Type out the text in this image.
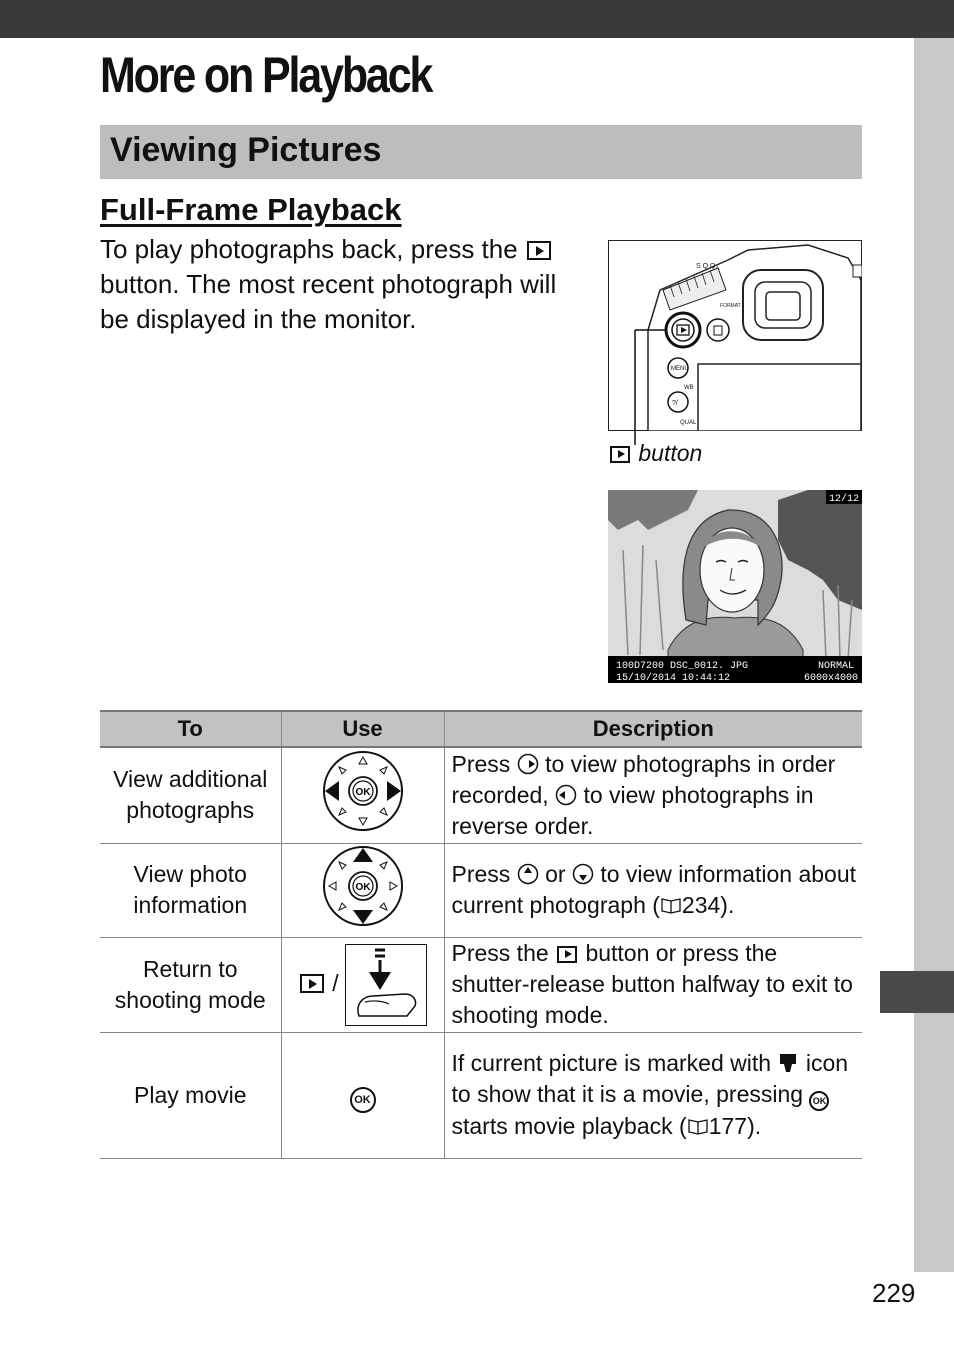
More on Playback
Viewing Pictures
Full-Frame Playback
To play photographs back, press the  button. The most recent photograph will be displayed in the monitor.
S Q Q₂
FORMAT
MENU
WB
?/
QUAL
button
12/12
100D7200 DSC_0012. JPG	NORMAL
15/10/2014 10:44:12	6000x4000
To	Use	Description
View additional photographs	OK	Press to view photographs in order recorded, to view photographs in reverse order.
View photo information	OK	Press or to view information about current photograph ( 234).
Return to shooting mode	/	Press the button or press the shutter-release button halfway to exit to shooting mode.
Play movie	OK	If current picture is marked with icon to show that it is a movie, pressing OK starts movie playback ( 177).
229
